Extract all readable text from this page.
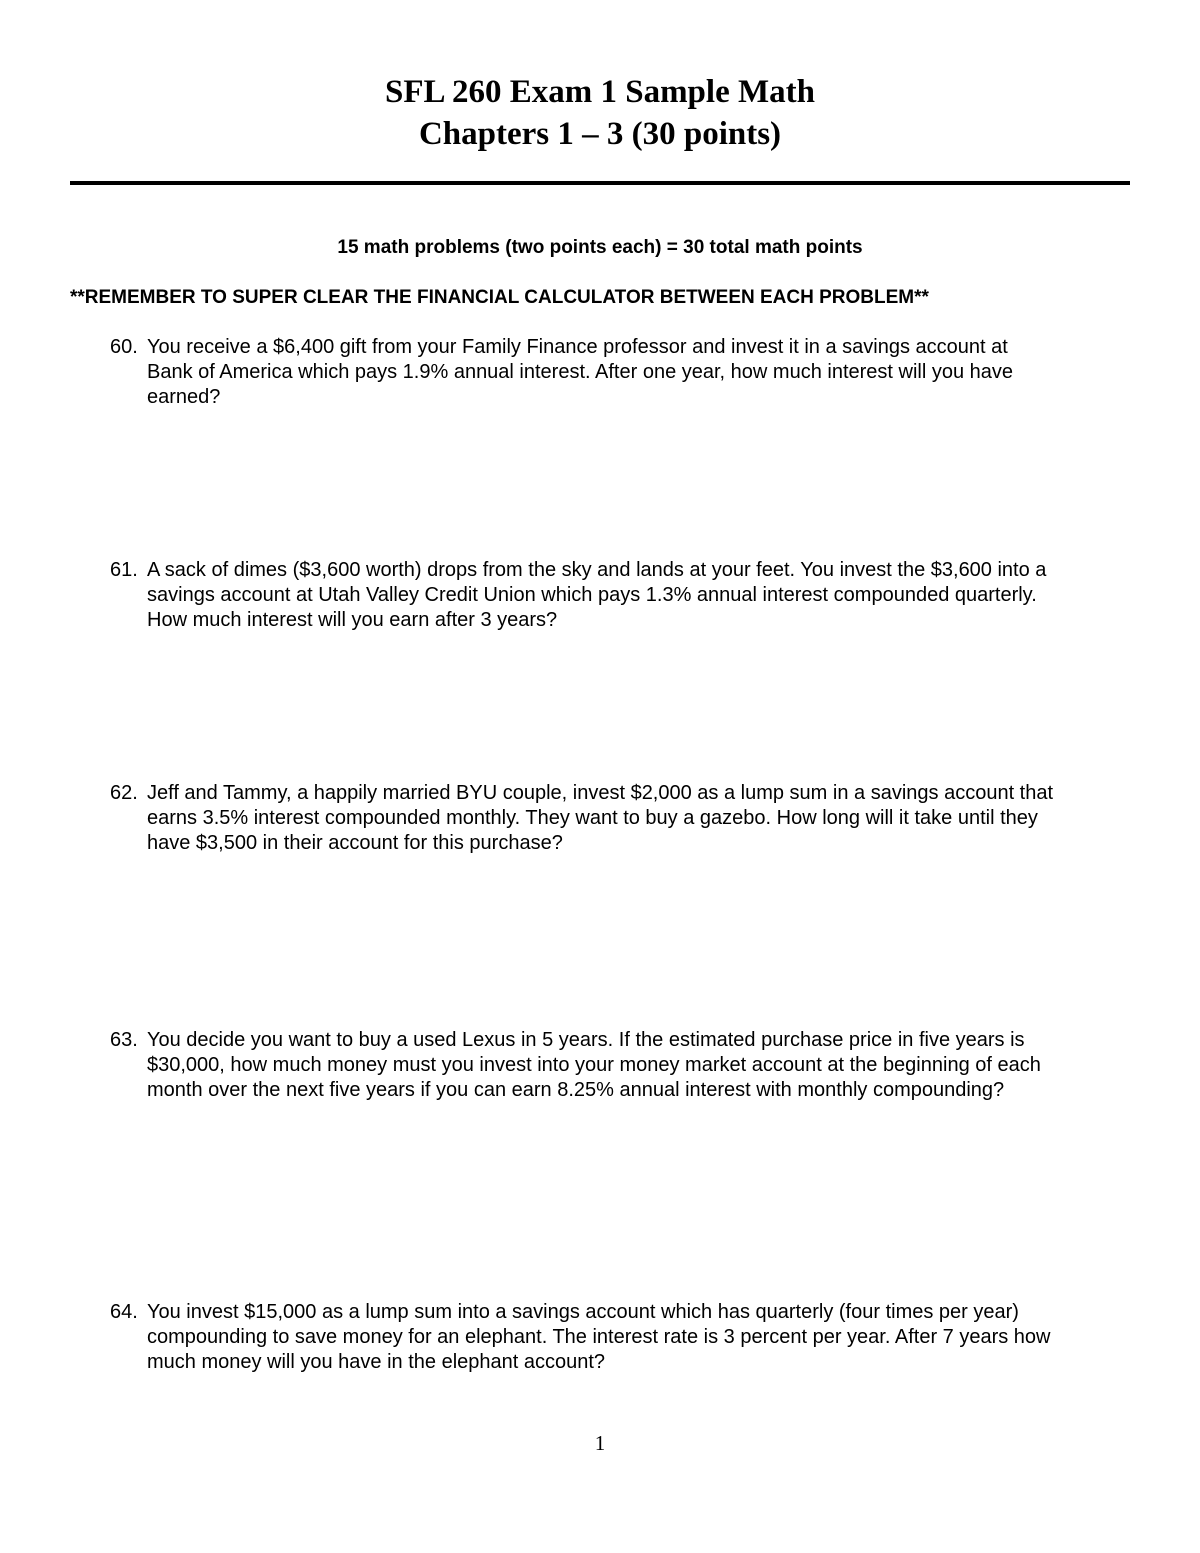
SFL 260 Exam 1 Sample Math
Chapters 1 – 3 (30 points)
15 math problems (two points each) = 30 total math points
**REMEMBER TO SUPER CLEAR THE FINANCIAL CALCULATOR BETWEEN EACH PROBLEM**
60. You receive a $6,400 gift from your Family Finance professor and invest it in a savings account at
Bank of America which pays 1.9% annual interest. After one year, how much interest will you have
earned?
61. A sack of dimes ($3,600 worth) drops from the sky and lands at your feet. You invest the $3,600 into a
savings account at Utah Valley Credit Union which pays 1.3% annual interest compounded quarterly.
How much interest will you earn after 3 years?
62. Jeff and Tammy, a happily married BYU couple, invest $2,000 as a lump sum in a savings account that
earns 3.5% interest compounded monthly. They want to buy a gazebo. How long will it take until they
have $3,500 in their account for this purchase?
63. You decide you want to buy a used Lexus in 5 years. If the estimated purchase price in five years is
$30,000, how much money must you invest into your money market account at the beginning of each
month over the next five years if you can earn 8.25% annual interest with monthly compounding?
64. You invest $15,000 as a lump sum into a savings account which has quarterly (four times per year)
compounding to save money for an elephant. The interest rate is 3 percent per year. After 7 years how
much money will you have in the elephant account?
1
